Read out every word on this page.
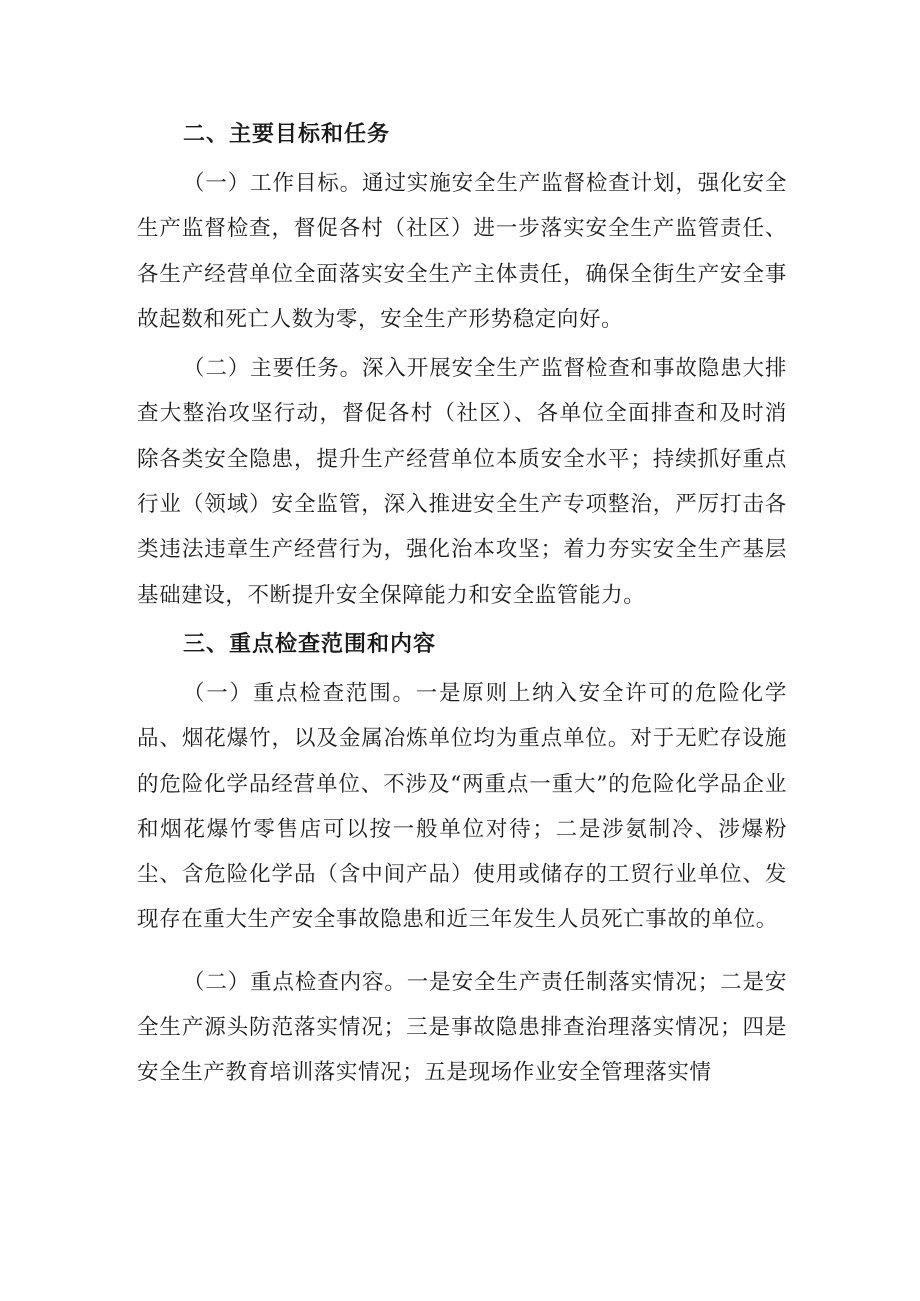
二、主要目标和任务

（一）工作目标。通过实施安全生产监督检查计划，强化安全生产监督检查，督促各村（社区）进一步落实安全生产监管责任、各生产经营单位全面落实安全生产主体责任，确保全街生产安全事故起数和死亡人数为零，安全生产形势稳定向好。

（二）主要任务。深入开展安全生产监督检查和事故隐患大排查大整治攻坚行动，督促各村（社区）、各单位全面排查和及时消除各类安全隐患，提升生产经营单位本质安全水平；持续抓好重点行业（领域）安全监管，深入推进安全生产专项整治，严厉打击各类违法违章生产经营行为，强化治本攻坚；着力夯实安全生产基层基础建设，不断提升安全保障能力和安全监管能力。

三、重点检查范围和内容

（一）重点检查范围。一是原则上纳入安全许可的危险化学品、烟花爆竹，以及金属冶炼单位均为重点单位。对于无贮存设施的危险化学品经营单位、不涉及“两重点一重大”的危险化学品企业和烟花爆竹零售店可以按一般单位对待；二是涉氨制冷、涉爆粉尘、含危险化学品（含中间产品）使用或储存的工贸行业单位、发现存在重大生产安全事故隐患和近三年发生人员死亡事故的单位。

（二）重点检查内容。一是安全生产责任制落实情况；二是安全生产源头防范落实情况；三是事故隐患排查治理落实情况；四是安全生产教育培训落实情况；五是现场作业安全管理落实情
